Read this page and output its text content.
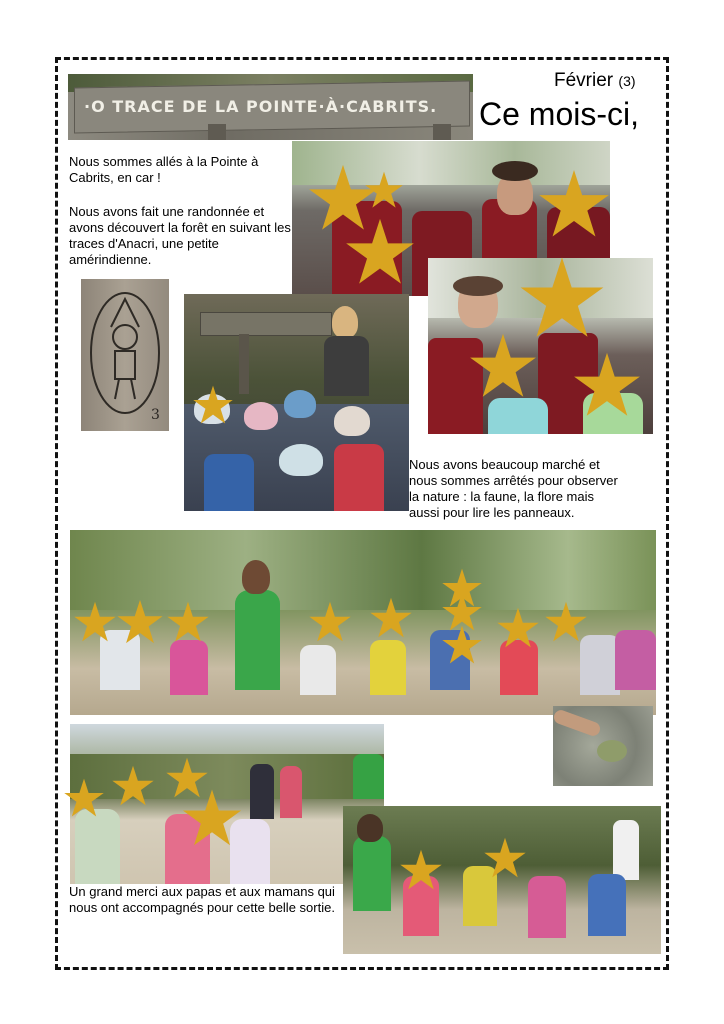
Février (3)
Ce mois-ci,
·O TRACE DE LA POINTE·À·CABRITS.
Nous sommes allés à la Pointe à Cabrits, en car !
Nous avons fait une randonnée et avons découvert la forêt en suivant les traces d'Anacri, une petite amérindienne.
3
Nous avons beaucoup marché et nous sommes arrêtés pour observer la nature : la faune, la flore mais aussi pour lire les panneaux.
Un grand merci aux papas et aux mamans qui nous ont accompagnés pour cette belle sortie.
